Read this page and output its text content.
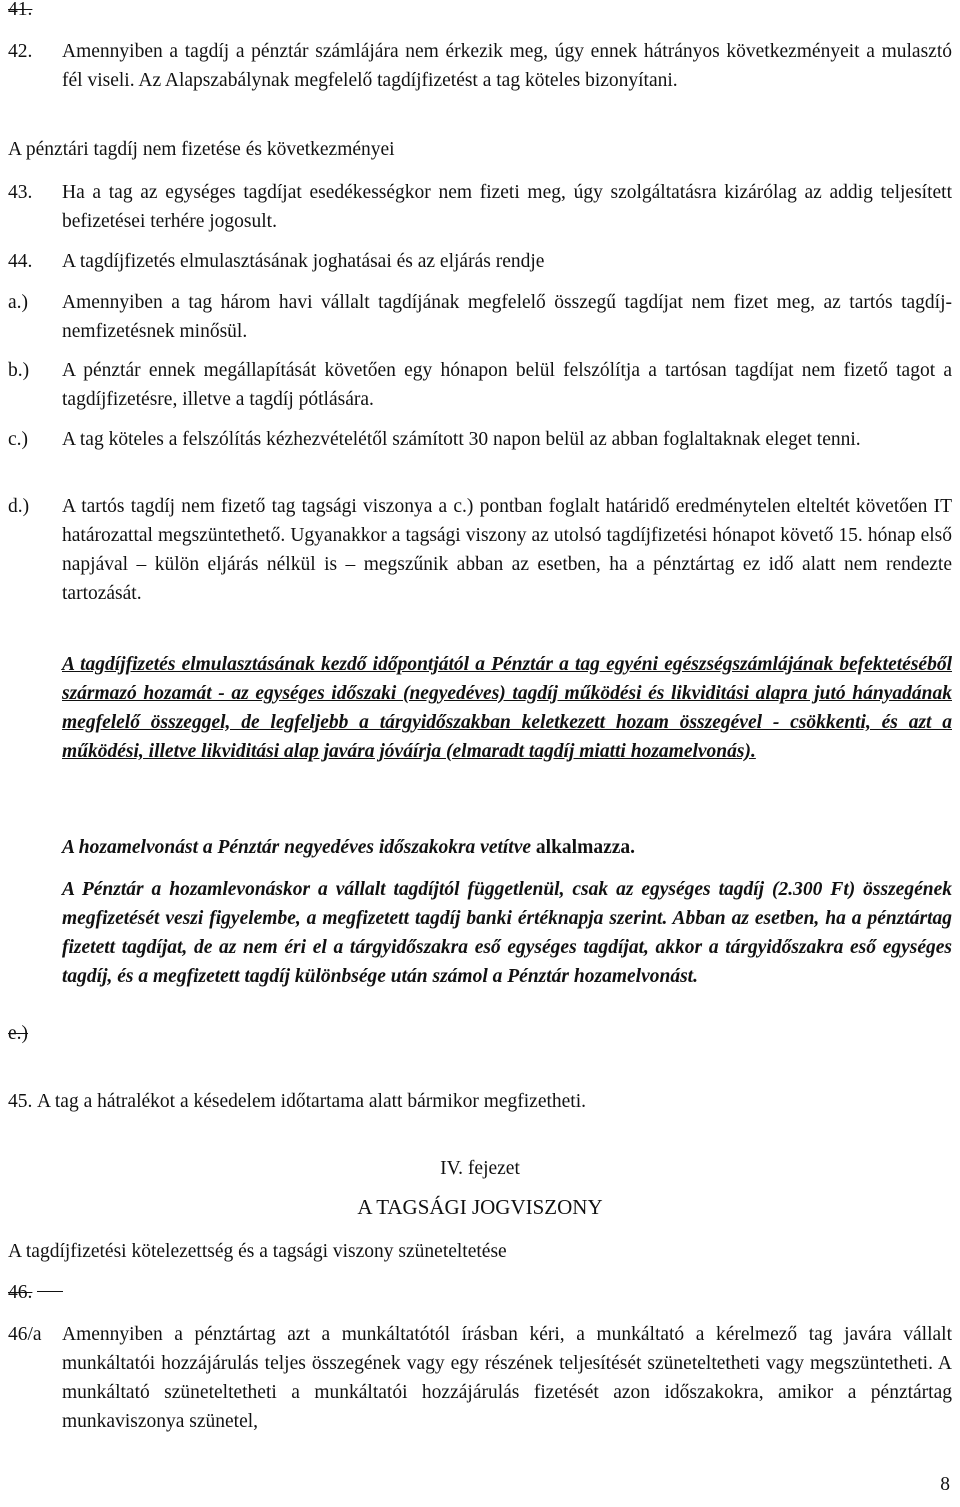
41.
42. Amennyiben a tagdíj a pénztár számlájára nem érkezik meg, úgy ennek hátrányos következményeit a mulasztó fél viseli. Az Alapszabálynak megfelelő tagdíjfizetést a tag köteles bizonyítani.
A pénztári tagdíj nem fizetése és következményei
43. Ha a tag az egységes tagdíjat esedékességkor nem fizeti meg, úgy szolgáltatásra kizárólag az addig teljesített befizetései terhére jogosult.
44. A tagdíjfizetés elmulasztásának joghatásai és az eljárás rendje
a.) Amennyiben a tag három havi vállalt tagdíjának megfelelő összegű tagdíjat nem fizet meg, az tartós tagdíj-nemfizetésnek minősül.
b.) A pénztár ennek megállapítását követően egy hónapon belül felszólítja a tartósan tagdíjat nem fizető tagot a tagdíjfizetésre, illetve a tagdíj pótlására.
c.) A tag köteles a felszólítás kézhezvételétől számított 30 napon belül az abban foglaltaknak eleget tenni.
d.) A tartós tagdíj nem fizető tag tagsági viszonya a c.) pontban foglalt határidő eredménytelen elteltét követően IT határozattal megszüntethető. Ugyanakkor a tagsági viszony az utolsó tagdíjfizetési hónapot követő 15. hónap első napjával – külön eljárás nélkül is – megszűnik abban az esetben, ha a pénztártag ez idő alatt nem rendezte tartozását.
A tagdíjfizetés elmulasztásának kezdő időpontjától a Pénztár a tag egyéni egészségszámlájának befektetéséből származó hozamát - az egységes időszaki (negyedéves) tagdíj működési és likviditási alapra jutó hányadának megfelelő összeggel, de legfeljebb a tárgyidőszakban keletkezett hozam összegével - csökkenti, és azt a működési, illetve likviditási alap javára jóváírja (elmaradt tagdíj miatti hozamelvonás).
A hozamelvonást a Pénztár negyedéves időszakokra vetítve alkalmazza.
A Pénztár a hozamlevonáskor a vállalt tagdíjtól függetlenül, csak az egységes tagdíj (2.300 Ft) összegének megfizetését veszi figyelembe, a megfizetett tagdíj banki értéknapja szerint. Abban az esetben, ha a pénztártag fizetett tagdíjat, de az nem éri el a tárgyidőszakra eső egységes tagdíjat, akkor a tárgyidőszakra eső egységes tagdíj, és a megfizetett tagdíj különbsége után számol a Pénztár hozamelvonást.
e.)
45. A tag a hátralékot a késedelem időtartama alatt bármikor megfizetheti.
IV. fejezet
A TAGSÁGI JOGVISZONY
A tagdíjfizetési kötelezettség és a tagsági viszony szüneteltetése
46.
46/a Amennyiben a pénztártag azt a munkáltatótól írásban kéri, a munkáltató a kérelmező tag javára vállalt munkáltatói hozzájárulás teljes összegének vagy egy részének teljesítését szüneteltetheti vagy megszüntetheti. A munkáltató szüneteltetheti a munkáltatói hozzájárulás fizetését azon időszakokra, amikor a pénztártag munkaviszonya szünetel,
8
